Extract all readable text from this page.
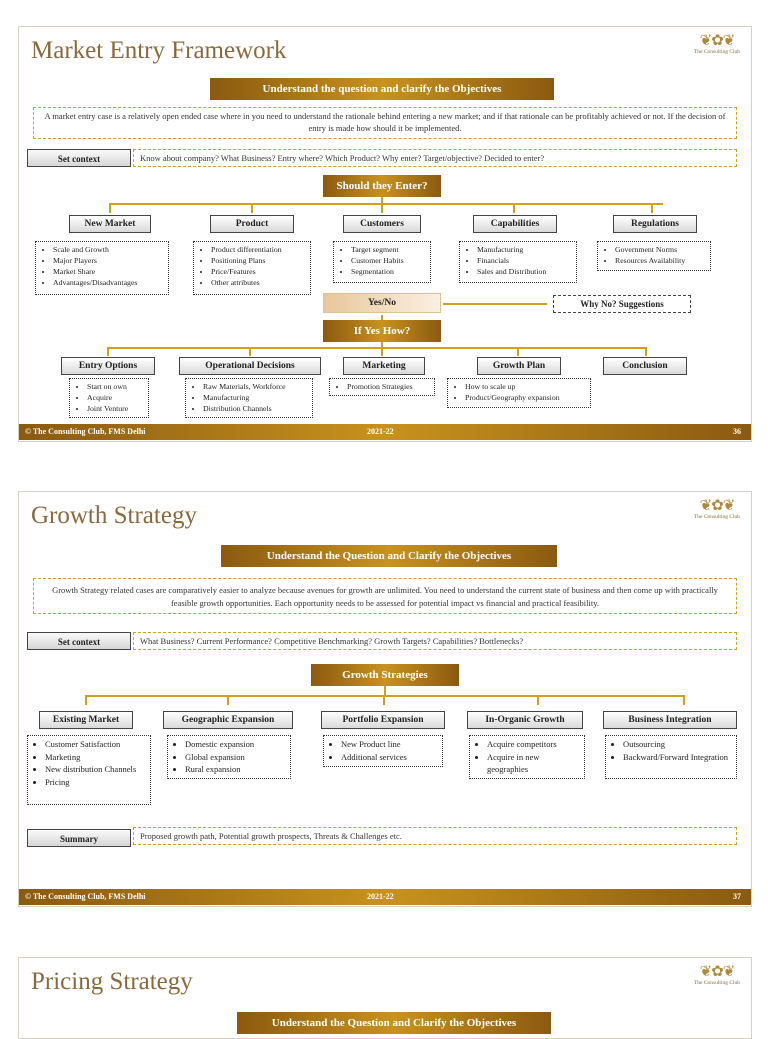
Market Entry Framework	❦✿❦
The Consulting Club
Understand the question and clarify the Objectives
A market entry case is a relatively open ended case where in you need to understand the rationale behind entering a new market; and if that rationale can be profitably achieved or not. If the decision of entry is made how should it be implemented.
Set context	Know about company? What Business? Entry where? Which Product? Why enter? Target/objective? Decided to enter?
Should they Enter?
New Market	Product	Customers	Capabilities	Regulations
• Scale and Growth
• Major Players
• Market Share
• Advantages/Disadvantages
• Product differentiation
• Positioning Plans
• Price/Features
• Other attributes
• Target segment
• Customer Habits
• Segmentation
• Manufacturing
• Financials
• Sales and Distribution
• Government Norms
• Resources Availability
Yes/No	Why No? Suggestions
If Yes How?
Entry Options	Operational Decisions	Marketing	Growth Plan	Conclusion
• Start on own
• Acquire
• Joint Venture
• Raw Materials, Workforce
• Manufacturing
• Distribution Channels
• Promotion Strategies
•	How to scale up
• Product/Geography expansion
© The Consulting Club, FMS Delhi	2021-22	36
Growth Strategy	❦✿❦
The Consulting Club
Understand the Question and Clarify the Objectives
Growth Strategy related cases are comparatively easier to analyze because avenues for growth are unlimited. You need to understand the current state of business and then come up with practically feasible growth opportunities. Each opportunity needs to be assessed for potential impact vs financial and practical feasibility.
Set context	What Business? Current Performance? Competitive Benchmarking? Growth Targets? Capabilities? Bottlenecks?
Growth Strategies
Existing Market	Geographic Expansion	Portfolio Expansion	In-Organic Growth	Business Integration
• Customer Satisfaction
• Marketing
• New distribution Channels
• Pricing
• Domestic expansion
• Global expansion
• Rural expansion
• New Product line
• Additional services
• Acquire competitors
• Acquire in new geographies
• Outsourcing
• Backward/Forward Integration
Summary	Proposed growth path, Potential growth prospects, Threats & Challenges etc.
© The Consulting Club, FMS Delhi	2021-22	37
Pricing Strategy	❦✿❦
The Consulting Club
Understand the Question and Clarify the Objectives
